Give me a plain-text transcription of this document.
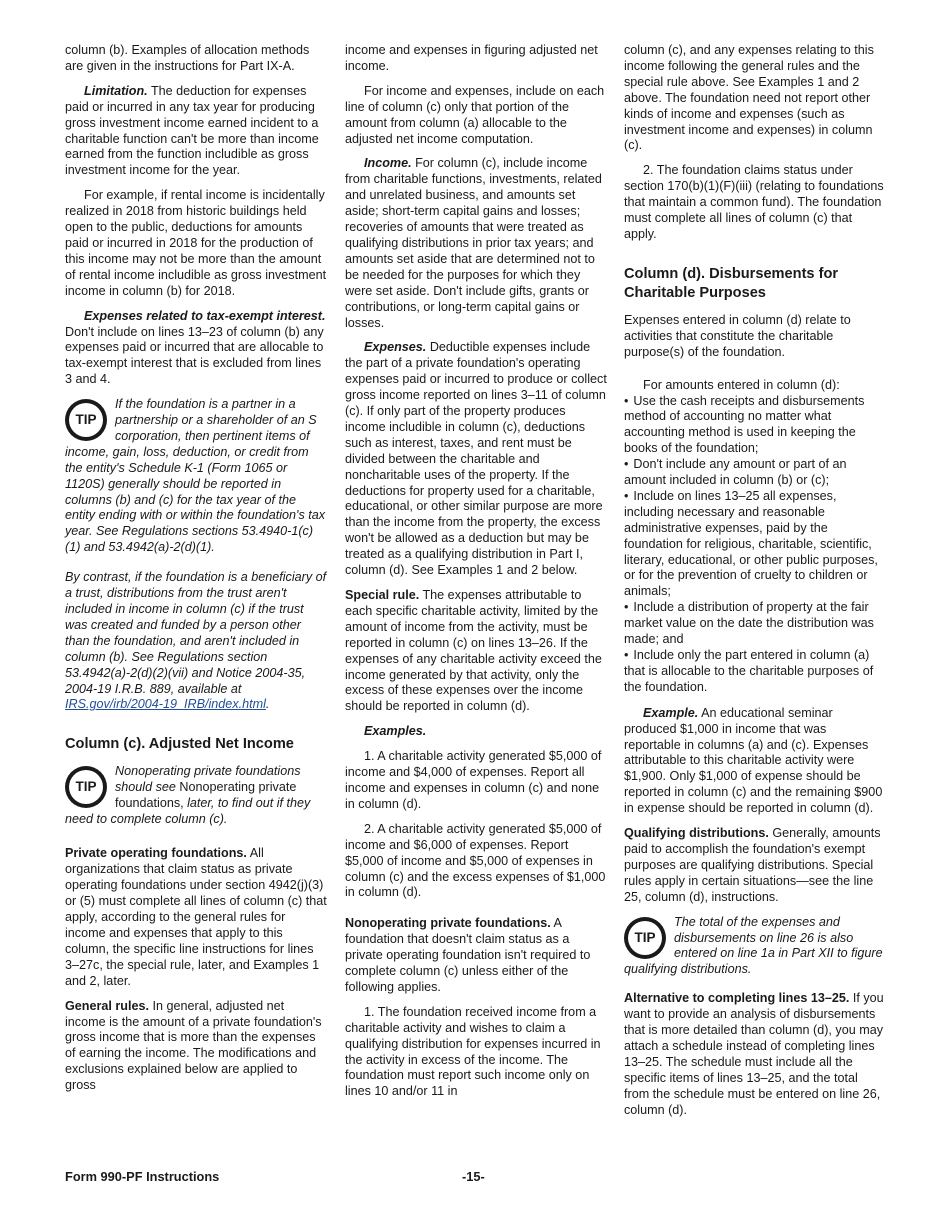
column (b). Examples of allocation methods are given in the instructions for Part IX-A.

Limitation. The deduction for expenses paid or incurred in any tax year for producing gross investment income earned incident to a charitable function can't be more than income earned from the function includible as gross investment income for the year.

For example, if rental income is incidentally realized in 2018 from historic buildings held open to the public, deductions for amounts paid or incurred in 2018 for the production of this income may not be more than the amount of rental income includible as gross investment income in column (b) for 2018.

Expenses related to tax-exempt interest. Don't include on lines 13–23 of column (b) any expenses paid or incurred that are allocable to tax-exempt interest that is excluded from lines 3 and 4.

TIP
If the foundation is a partner in a partnership or a shareholder of an S corporation, then pertinent items of income, gain, loss, deduction, or credit from the entity's Schedule K-1 (Form 1065 or 1120S) generally should be reported in columns (b) and (c) for the tax year of the entity ending with or within the foundation's tax year. See Regulations sections 53.4940-1(c)(1) and 53.4942(a)-2(d)(1).

By contrast, if the foundation is a beneficiary of a trust, distributions from the trust aren't included in income in column (c) if the trust was created and funded by a person other than the foundation, and aren't included in column (b). See Regulations section 53.4942(a)-2(d)(2)(vii) and Notice 2004-35, 2004-19 I.R.B. 889, available at IRS.gov/irb/2004-19_IRB/index.html.

Column (c). Adjusted Net Income
TIP
Nonoperating private foundations should see Nonoperating private foundations, later, to find out if they need to complete column (c).

Private operating foundations. All organizations that claim status as private operating foundations under section 4942(j)(3) or (5) must complete all lines of column (c) that apply, according to the general rules for income and expenses that apply to this column, the specific line instructions for lines 3–27c, the special rule, later, and Examples 1 and 2, later.

General rules. In general, adjusted net income is the amount of a private foundation's gross income that is more than the expenses of earning the income. The modifications and exclusions explained below are applied to gross

income and expenses in figuring adjusted net income.

For income and expenses, include on each line of column (c) only that portion of the amount from column (a) allocable to the adjusted net income computation.

Income. For column (c), include income from charitable functions, investments, related and unrelated business, and amounts set aside; short-term capital gains and losses; recoveries of amounts that were treated as qualifying distributions in prior tax years; and amounts set aside that are determined not to be needed for the purposes for which they were set aside. Don't include gifts, grants or contributions, or long-term capital gains or losses.

Expenses. Deductible expenses include the part of a private foundation's operating expenses paid or incurred to produce or collect gross income reported on lines 3–11 of column (c). If only part of the property produces income includible in column (c), deductions such as interest, taxes, and rent must be divided between the charitable and noncharitable uses of the property. If the deductions for property used for a charitable, educational, or other similar purpose are more than the income from the property, the excess won't be allowed as a deduction but may be treated as a qualifying distribution in Part I, column (d). See Examples 1 and 2 below.

Special rule. The expenses attributable to each specific charitable activity, limited by the amount of income from the activity, must be reported in column (c) on lines 13–26. If the expenses of any charitable activity exceed the income generated by that activity, only the excess of these expenses over the income should be reported in column (d).

Examples.

1. A charitable activity generated $5,000 of income and $4,000 of expenses. Report all income and expenses in column (c) and none in column (d).

2. A charitable activity generated $5,000 of income and $6,000 of expenses. Report $5,000 of income and $5,000 of expenses in column (c) and the excess expenses of $1,000 in column (d).

Nonoperating private foundations. A foundation that doesn't claim status as a private operating foundation isn't required to complete column (c) unless either of the following applies.

1. The foundation received income from a charitable activity and wishes to claim a qualifying distribution for expenses incurred in the activity in excess of the income. The foundation must report such income only on lines 10 and/or 11 in

column (c), and any expenses relating to this income following the general rules and the special rule above. See Examples 1 and 2 above. The foundation need not report other kinds of income and expenses (such as investment income and expenses) in column (c).

2. The foundation claims status under section 170(b)(1)(F)(iii) (relating to foundations that maintain a common fund). The foundation must complete all lines of column (c) that apply.

Column (d). Disbursements for Charitable Purposes

Expenses entered in column (d) relate to activities that constitute the charitable purpose(s) of the foundation.

For amounts entered in column (d):

• Use the cash receipts and disbursements method of accounting no matter what accounting method is used in keeping the books of the foundation;
• Don't include any amount or part of an amount included in column (b) or (c);
• Include on lines 13–25 all expenses, including necessary and reasonable administrative expenses, paid by the foundation for religious, charitable, scientific, literary, educational, or other public purposes, or for the prevention of cruelty to children or animals;
• Include a distribution of property at the fair market value on the date the distribution was made; and
• Include only the part entered in column (a) that is allocable to the charitable purposes of the foundation.

Example. An educational seminar produced $1,000 in income that was reportable in columns (a) and (c). Expenses attributable to this charitable activity were $1,900. Only $1,000 of expense should be reported in column (c) and the remaining $900 in expense should be reported in column (d).

Qualifying distributions. Generally, amounts paid to accomplish the foundation's exempt purposes are qualifying distributions. Special rules apply in certain situations—see the line 25, column (d), instructions.

TIP
The total of the expenses and disbursements on line 26 is also entered on line 1a in Part XII to figure qualifying distributions.

Alternative to completing lines 13–25. If you want to provide an analysis of disbursements that is more detailed than column (d), you may attach a schedule instead of completing lines 13–25. The schedule must include all the specific items of lines 13–25, and the total from the schedule must be entered on line 26, column (d).

Form 990-PF Instructions	-15-
